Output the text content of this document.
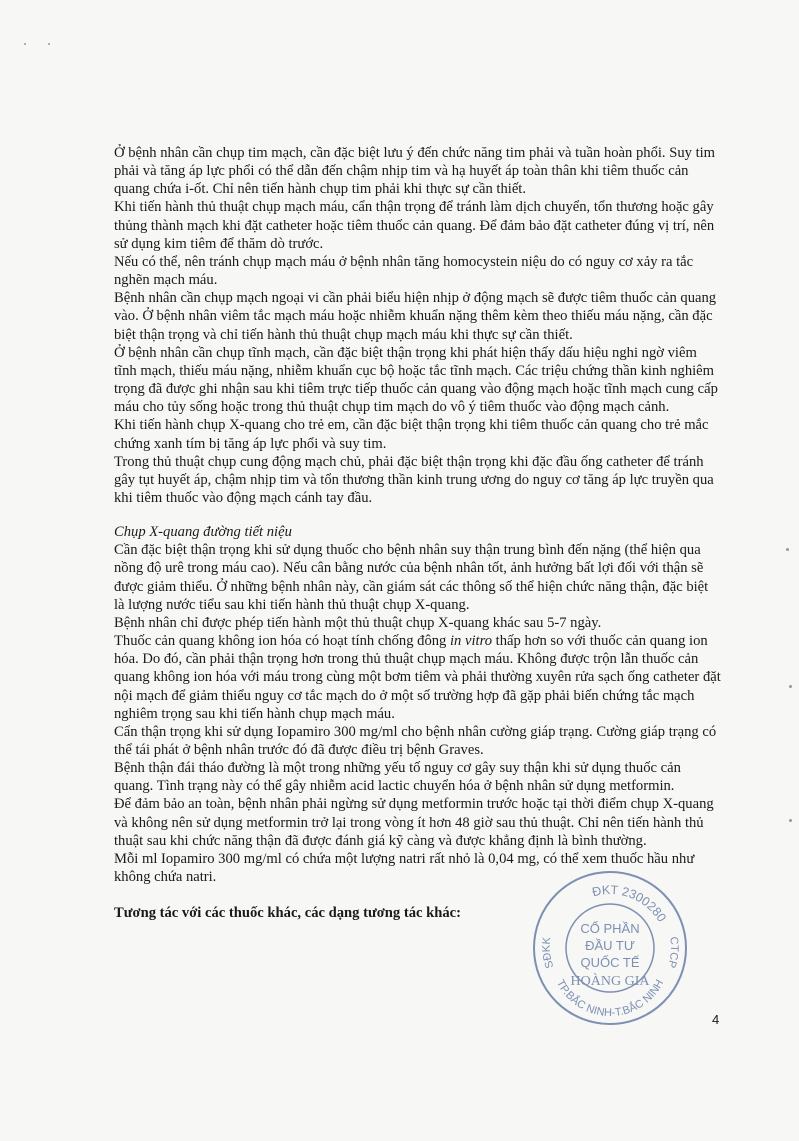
Ở bệnh nhân cần chụp tim mạch, cần đặc biệt lưu ý đến chức năng tim phải và tuần hoàn phổi. Suy tim phải và tăng áp lực phổi có thể dẫn đến chậm nhịp tim và hạ huyết áp toàn thân khi tiêm thuốc cản quang chứa i-ốt. Chỉ nên tiến hành chụp tim phải khi thực sự cần thiết.

Khi tiến hành thủ thuật chụp mạch máu, cẩn thận trọng để tránh làm dịch chuyển, tổn thương hoặc gây thủng thành mạch khi đặt catheter hoặc tiêm thuốc cản quang. Để đảm bảo đặt catheter đúng vị trí, nên sử dụng kim tiêm để thăm dò trước.

Nếu có thể, nên tránh chụp mạch máu ở bệnh nhân tăng homocystein niệu do có nguy cơ xảy ra tắc nghẽn mạch máu.

Bệnh nhân cần chụp mạch ngoại vi cần phải biểu hiện nhịp ở động mạch sẽ được tiêm thuốc cản quang vào. Ở bệnh nhân viêm tắc mạch máu hoặc nhiễm khuẩn nặng thêm kèm theo thiếu máu nặng, cần đặc biệt thận trọng và chỉ tiến hành thủ thuật chụp mạch máu khi thực sự cần thiết.

Ở bệnh nhân cần chụp tĩnh mạch, cần đặc biệt thận trọng khi phát hiện thấy dấu hiệu nghi ngờ viêm tĩnh mạch, thiếu máu nặng, nhiễm khuẩn cục bộ hoặc tắc tĩnh mạch. Các triệu chứng thần kinh nghiêm trọng đã được ghi nhận sau khi tiêm trực tiếp thuốc cản quang vào động mạch hoặc tĩnh mạch cung cấp máu cho tủy sống hoặc trong thủ thuật chụp tim mạch do vô ý tiêm thuốc vào động mạch cảnh.

Khi tiến hành chụp X-quang cho trẻ em, cần đặc biệt thận trọng khi tiêm thuốc cản quang cho trẻ mắc chứng xanh tím bị tăng áp lực phổi và suy tim.

Trong thủ thuật chụp cung động mạch chủ, phải đặc biệt thận trọng khi đặc đầu ống catheter để tránh gây tụt huyết áp, chậm nhịp tim và tổn thương thần kinh trung ương do nguy cơ tăng áp lực truyền qua khi tiêm thuốc vào động mạch cánh tay đầu.

Chụp X-quang đường tiết niệu

Cần đặc biệt thận trọng khi sử dụng thuốc cho bệnh nhân suy thận trung bình đến nặng (thể hiện qua nồng độ urê trong máu cao). Nếu cân bằng nước của bệnh nhân tốt, ảnh hưởng bất lợi đối với thận sẽ được giảm thiểu. Ở những bệnh nhân này, cần giám sát các thông số thể hiện chức năng thận, đặc biệt là lượng nước tiểu sau khi tiến hành thủ thuật chụp X-quang.

Bệnh nhân chỉ được phép tiến hành một thủ thuật chụp X-quang khác sau 5-7 ngày.

Thuốc cản quang không ion hóa có hoạt tính chống đông in vitro thấp hơn so với thuốc cản quang ion hóa. Do đó, cần phải thận trọng hơn trong thủ thuật chụp mạch máu. Không được trộn lẫn thuốc cản quang không ion hóa với máu trong cùng một bơm tiêm và phải thường xuyên rửa sạch ống catheter đặt nội mạch để giảm thiểu nguy cơ tắc mạch do ở một số trường hợp đã gặp phải biến chứng tắc mạch nghiêm trọng sau khi tiến hành chụp mạch máu.

Cẩn thận trọng khi sử dụng Iopamiro 300 mg/ml cho bệnh nhân cường giáp trạng. Cường giáp trạng có thể tái phát ở bệnh nhân trước đó đã được điều trị bệnh Graves.

Bệnh thận đái tháo đường là một trong những yếu tố nguy cơ gây suy thận khi sử dụng thuốc cản quang. Tình trạng này có thể gây nhiễm acid lactic chuyển hóa ở bệnh nhân sử dụng metformin.

Để đảm bảo an toàn, bệnh nhân phải ngừng sử dụng metformin trước hoặc tại thời điểm chụp X-quang và không nên sử dụng metformin trở lại trong vòng ít hơn 48 giờ sau thủ thuật. Chỉ nên tiến hành thủ thuật sau khi chức năng thận đã được đánh giá kỹ càng và được khẳng định là bình thường.

Mỗi ml Iopamiro 300 mg/ml có chứa một lượng natri rất nhỏ là 0,04 mg, có thể xem thuốc hầu như không chứa natri.

Tương tác với các thuốc khác, các dạng tương tác khác:

4
ĐKT 2300280
SĐKK	CTCP
TP.BẮC NINH-T.BẮC NINH
CỔ PHẦN
ĐẦU TƯ
QUỐC TẾ
HOÀNG GIA
